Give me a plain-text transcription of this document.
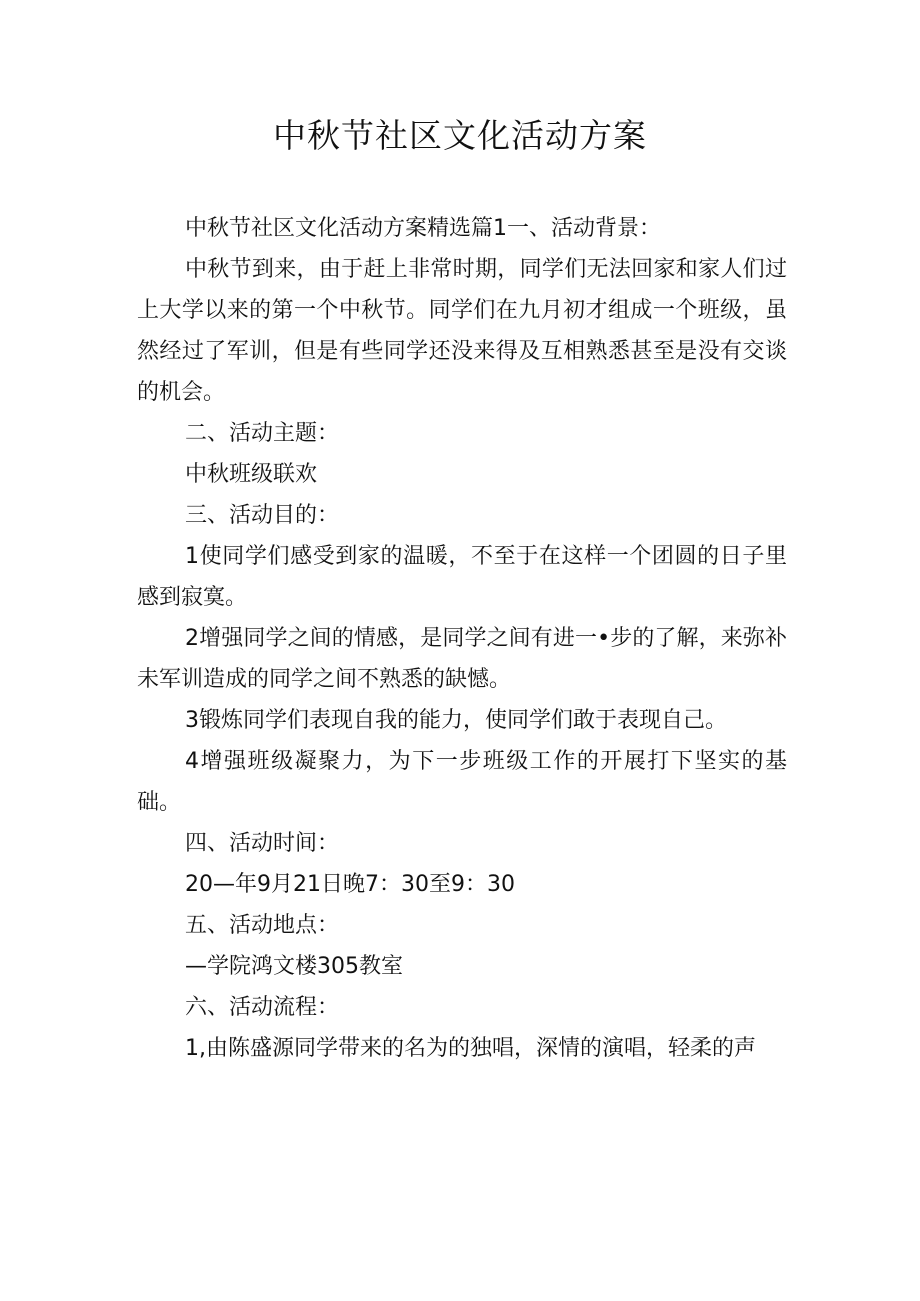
中秋节社区文化活动方案

中秋节社区文化活动方案精选篇1一、活动背景：

中秋节到来，由于赶上非常时期，同学们无法回家和家人们过上大学以来的第一个中秋节。同学们在九月初才组成一个班级，虽然经过了军训，但是有些同学还没来得及互相熟悉甚至是没有交谈的机会。

二、活动主题：

中秋班级联欢

三、活动目的：

1使同学们感受到家的温暖，不至于在这样一个团圆的日子里感到寂寞。

2增强同学之间的情感，是同学之间有进一•步的了解，来弥补未军训造成的同学之间不熟悉的缺憾。

3锻炼同学们表现自我的能力，使同学们敢于表现自己。

4增强班级凝聚力，为下一步班级工作的开展打下坚实的基础。

四、活动时间：

20—年9月21日晚7：30至9：30

五、活动地点：

—学院鸿文楼305教室

六、活动流程：

1,由陈盛源同学带来的名为的独唱，深情的演唱，轻柔的声
